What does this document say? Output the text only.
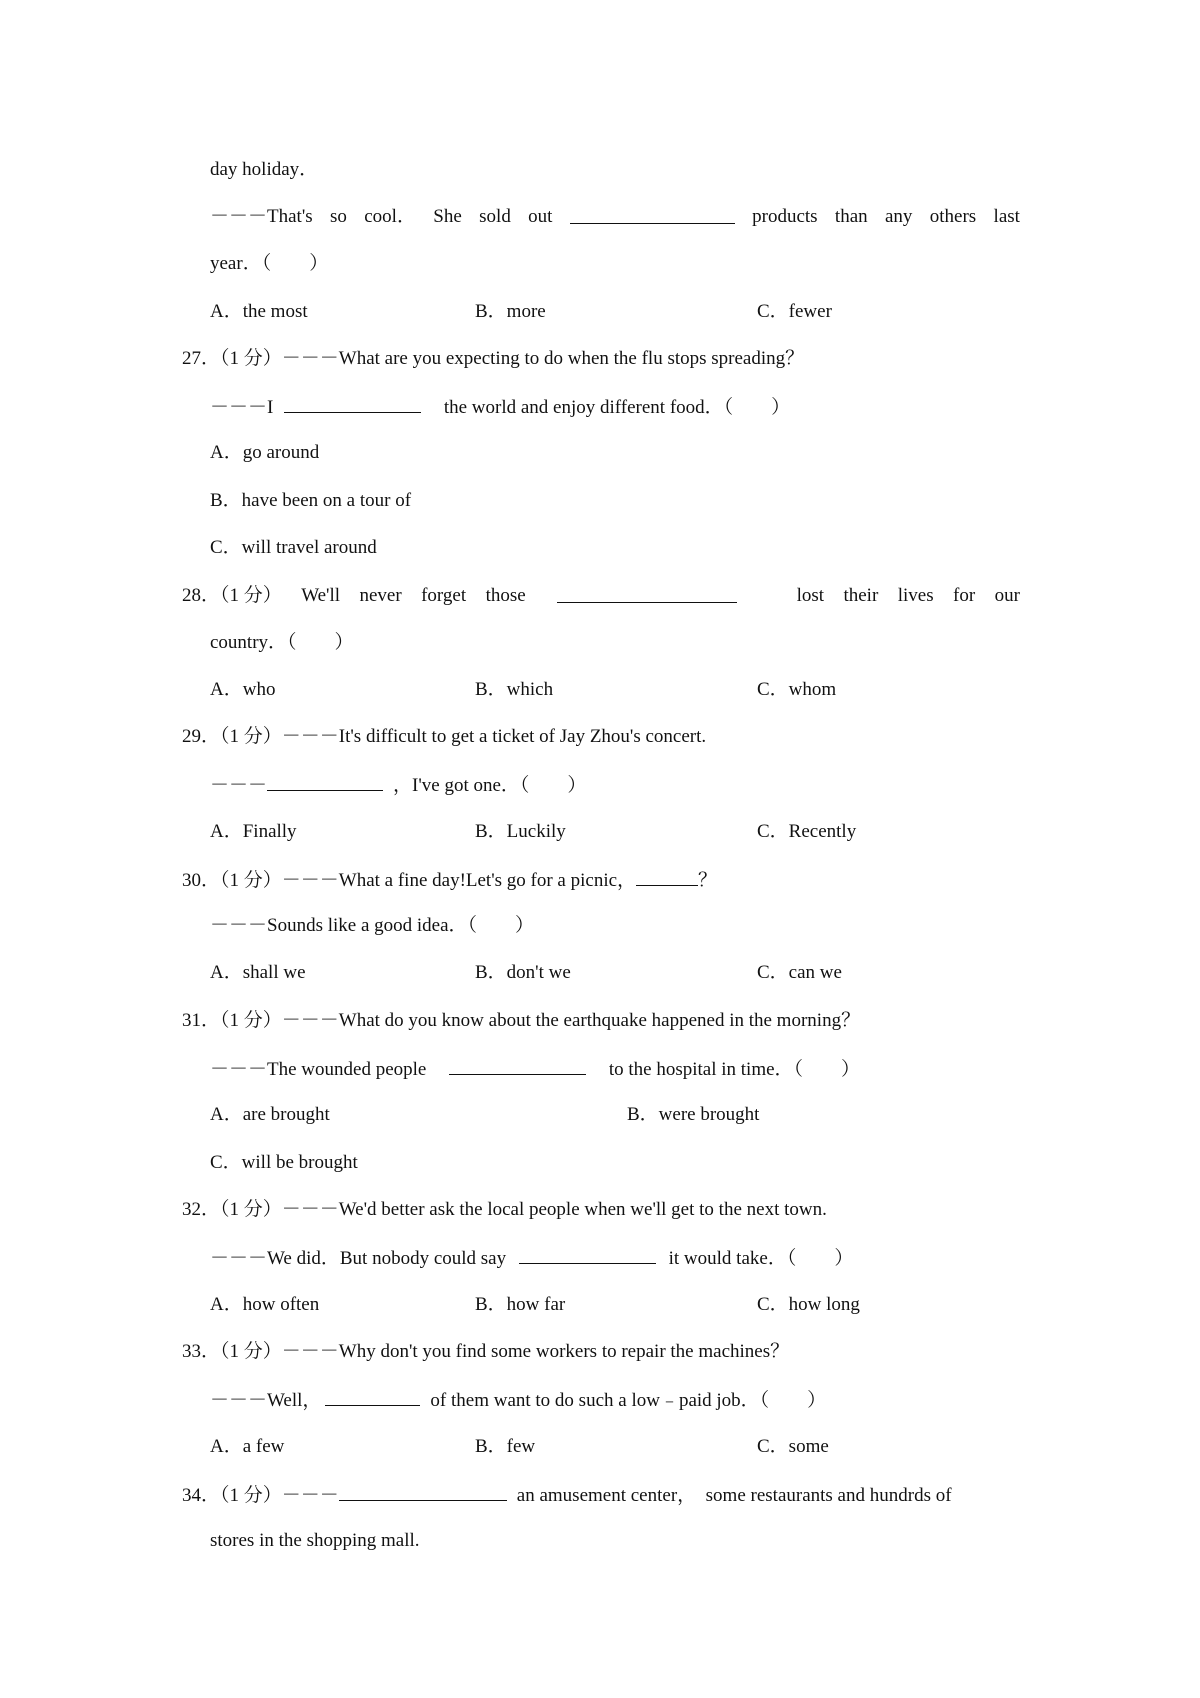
day holiday．
－－－That's so cool． She sold out	products than any others last
year．（　　）
A．the most	B．more	C．fewer
27．（1 分）－－－What are you expecting to do when the flu stops spreading？
－－－I	the world and enjoy different food．（　　）
A．go around
B．have been on a tour of
C．will travel around
28．（1 分） We'll never forget those	lost their lives for our
country．（　　）
A．who	B．which	C．whom
29．（1 分）－－－It's difficult to get a ticket of Jay Zhou's concert.
－－－	，I've got one．（　　）
A．Finally	B．Luckily	C．Recently
30．（1 分）－－－What a fine day!Let's go for a picnic，	？
－－－Sounds like a good idea．（　　）
A．shall we	B．don't we	C．can we
31．（1 分）－－－What do you know about the earthquake happened in the morning？
－－－The wounded people	to the hospital in time．（　　）
A．are brought	B．were brought
C．will be brought
32．（1 分）－－－We'd better ask the local people when we'll get to the next town.
－－－We did．But nobody could say	it would take．（　　）
A．how often	B．how far	C．how long
33．（1 分）－－－Why don't you find some workers to repair the machines？
－－－Well，	of them want to do such a low﹣paid job．（　　）
A．a few	B．few	C．some
34．（1 分）－－－	an amusement center，　some restaurants and hundrds of
stores in the shopping mall.
